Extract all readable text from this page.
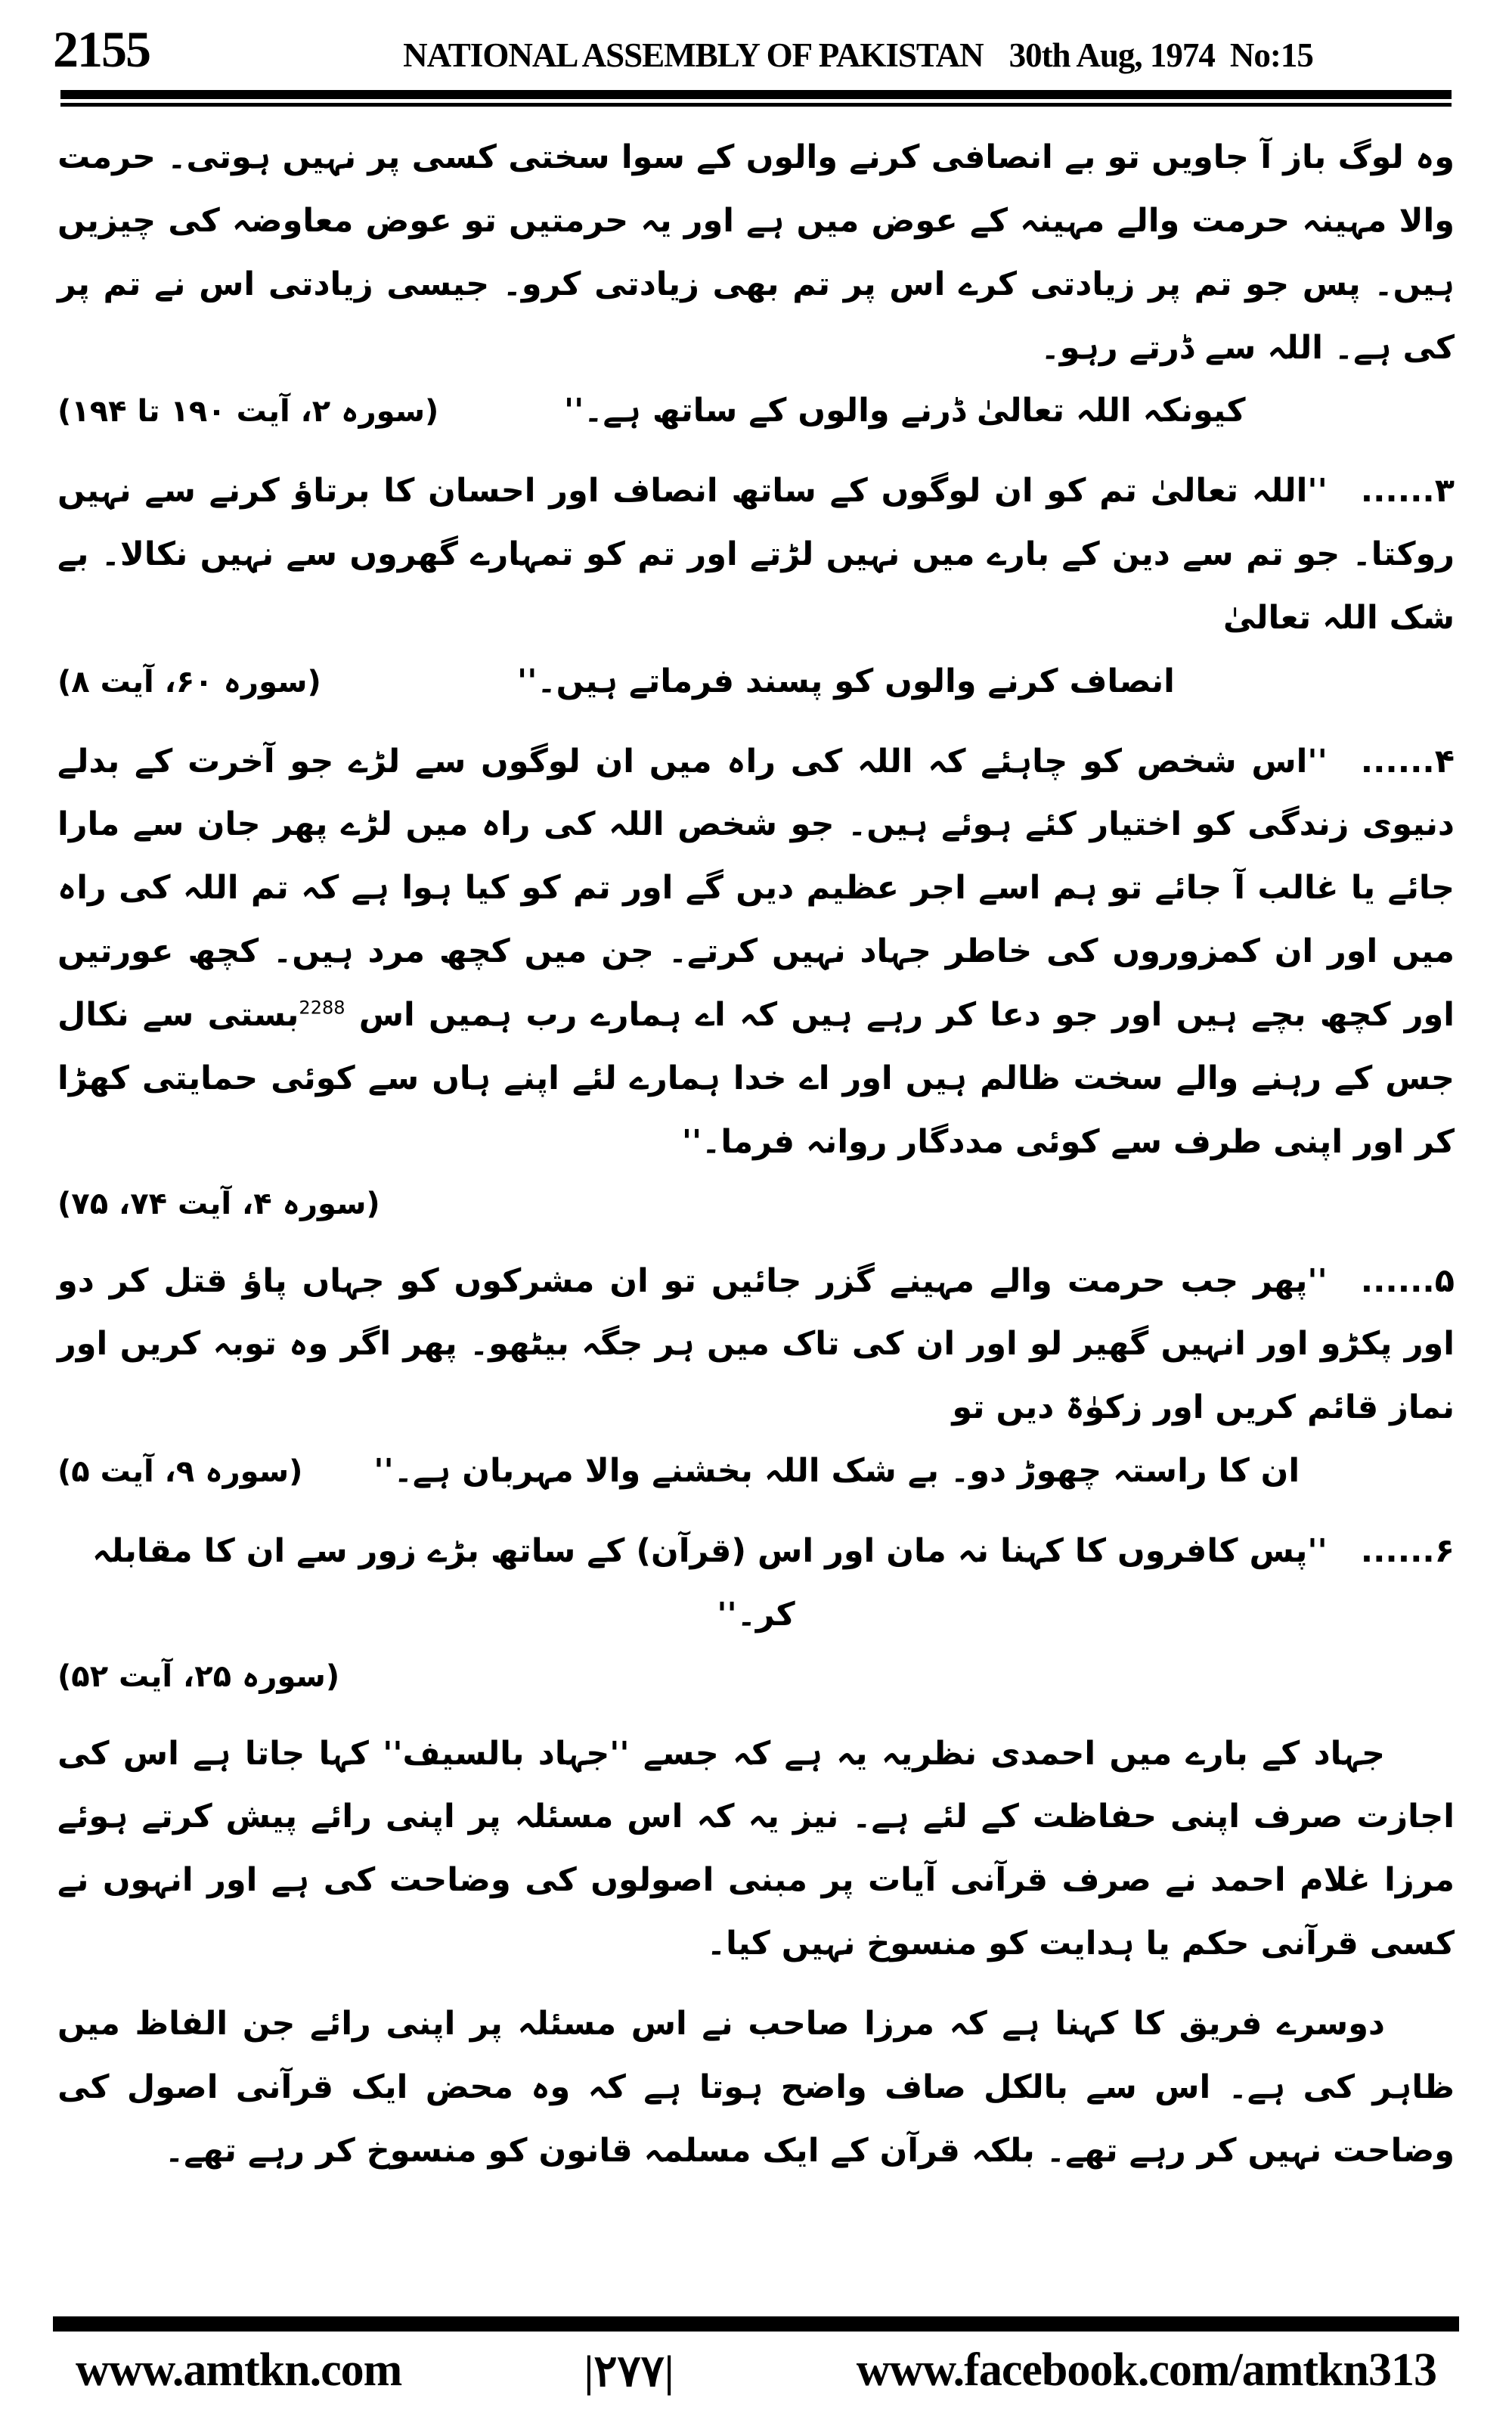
2155	NATIONAL ASSEMBLY OF PAKISTAN 30th Aug, 1974 No:15

وہ لوگ باز آ جاویں تو بے انصافی کرنے والوں کے سوا سختی کسی پر نہیں ہوتی۔ حرمت والا مہینہ حرمت والے مہینہ کے عوض میں ہے اور یہ حرمتیں تو عوض معاوضہ کی چیزیں ہیں۔ پس جو تم پر زیادتی کرے اس پر تم بھی زیادتی کرو۔ جیسی زیادتی اس نے تم پر کی ہے۔ اللہ سے ڈرتے رہو۔

کیونکہ اللہ تعالیٰ ڈرنے والوں کے ساتھ ہے۔''
(سورہ ۲، آیت ۱۹۰ تا ۱۹۴)

۳......''اللہ تعالیٰ تم کو ان لوگوں کے ساتھ انصاف اور احسان کا برتاؤ کرنے سے نہیں روکتا۔ جو تم سے دین کے بارے میں نہیں لڑتے اور تم کو تمہارے گھروں سے نہیں نکالا۔ بے شک اللہ تعالیٰ

انصاف کرنے والوں کو پسند فرماتے ہیں۔''
(سورہ ۶۰، آیت ۸)

۴......''اس شخص کو چاہئے کہ اللہ کی راہ میں ان لوگوں سے لڑے جو آخرت کے بدلے دنیوی زندگی کو اختیار کئے ہوئے ہیں۔ جو شخص اللہ کی راہ میں لڑے پھر جان سے مارا جائے یا غالب آ جائے تو ہم اسے اجر عظیم دیں گے اور تم کو کیا ہوا ہے کہ تم اللہ کی راہ میں اور ان کمزوروں کی خاطر جہاد نہیں کرتے۔ جن میں کچھ مرد ہیں۔ کچھ عورتیں اور کچھ بچے ہیں اور جو دعا کر رہے ہیں کہ اے ہمارے رب ہمیں اس $^{2288}$بستی سے نکال جس کے رہنے والے سخت ظالم ہیں اور اے خدا ہمارے لئے اپنے ہاں سے کوئی حمایتی کھڑا کر اور اپنی طرف سے کوئی مددگار روانہ فرما۔''

(سورہ ۴، آیت ۷۴، ۷۵)

۵......''پھر جب حرمت والے مہینے گزر جائیں تو ان مشرکوں کو جہاں پاؤ قتل کر دو اور پکڑو اور انہیں گھیر لو اور ان کی تاک میں ہر جگہ بیٹھو۔ پھر اگر وہ توبہ کریں اور نماز قائم کریں اور زکوٰۃ دیں تو

ان کا راستہ چھوڑ دو۔ بے شک اللہ بخشنے والا مہربان ہے۔''
(سورہ ۹، آیت ۵)

۶......''پس کافروں کا کہنا نہ مان اور اس (قرآن) کے ساتھ بڑے زور سے ان کا مقابلہ

کر۔''
(سورہ ۲۵، آیت ۵۲)

جہاد کے بارے میں احمدی نظریہ یہ ہے کہ جسے ''جہاد بالسیف'' کہا جاتا ہے اس کی اجازت صرف اپنی حفاظت کے لئے ہے۔ نیز یہ کہ اس مسئلہ پر اپنی رائے پیش کرتے ہوئے مرزا غلام احمد نے صرف قرآنی آیات پر مبنی اصولوں کی وضاحت کی ہے اور انہوں نے کسی قرآنی حکم یا ہدایت کو منسوخ نہیں کیا۔

دوسرے فریق کا کہنا ہے کہ مرزا صاحب نے اس مسئلہ پر اپنی رائے جن الفاظ میں ظاہر کی ہے۔ اس سے بالکل صاف واضح ہوتا ہے کہ وہ محض ایک قرآنی اصول کی وضاحت نہیں کر رہے تھے۔ بلکہ قرآن کے ایک مسلمہ قانون کو منسوخ کر رہے تھے۔

www.amtkn.com	|۲۷۷|	www.facebook.com/amtkn313
